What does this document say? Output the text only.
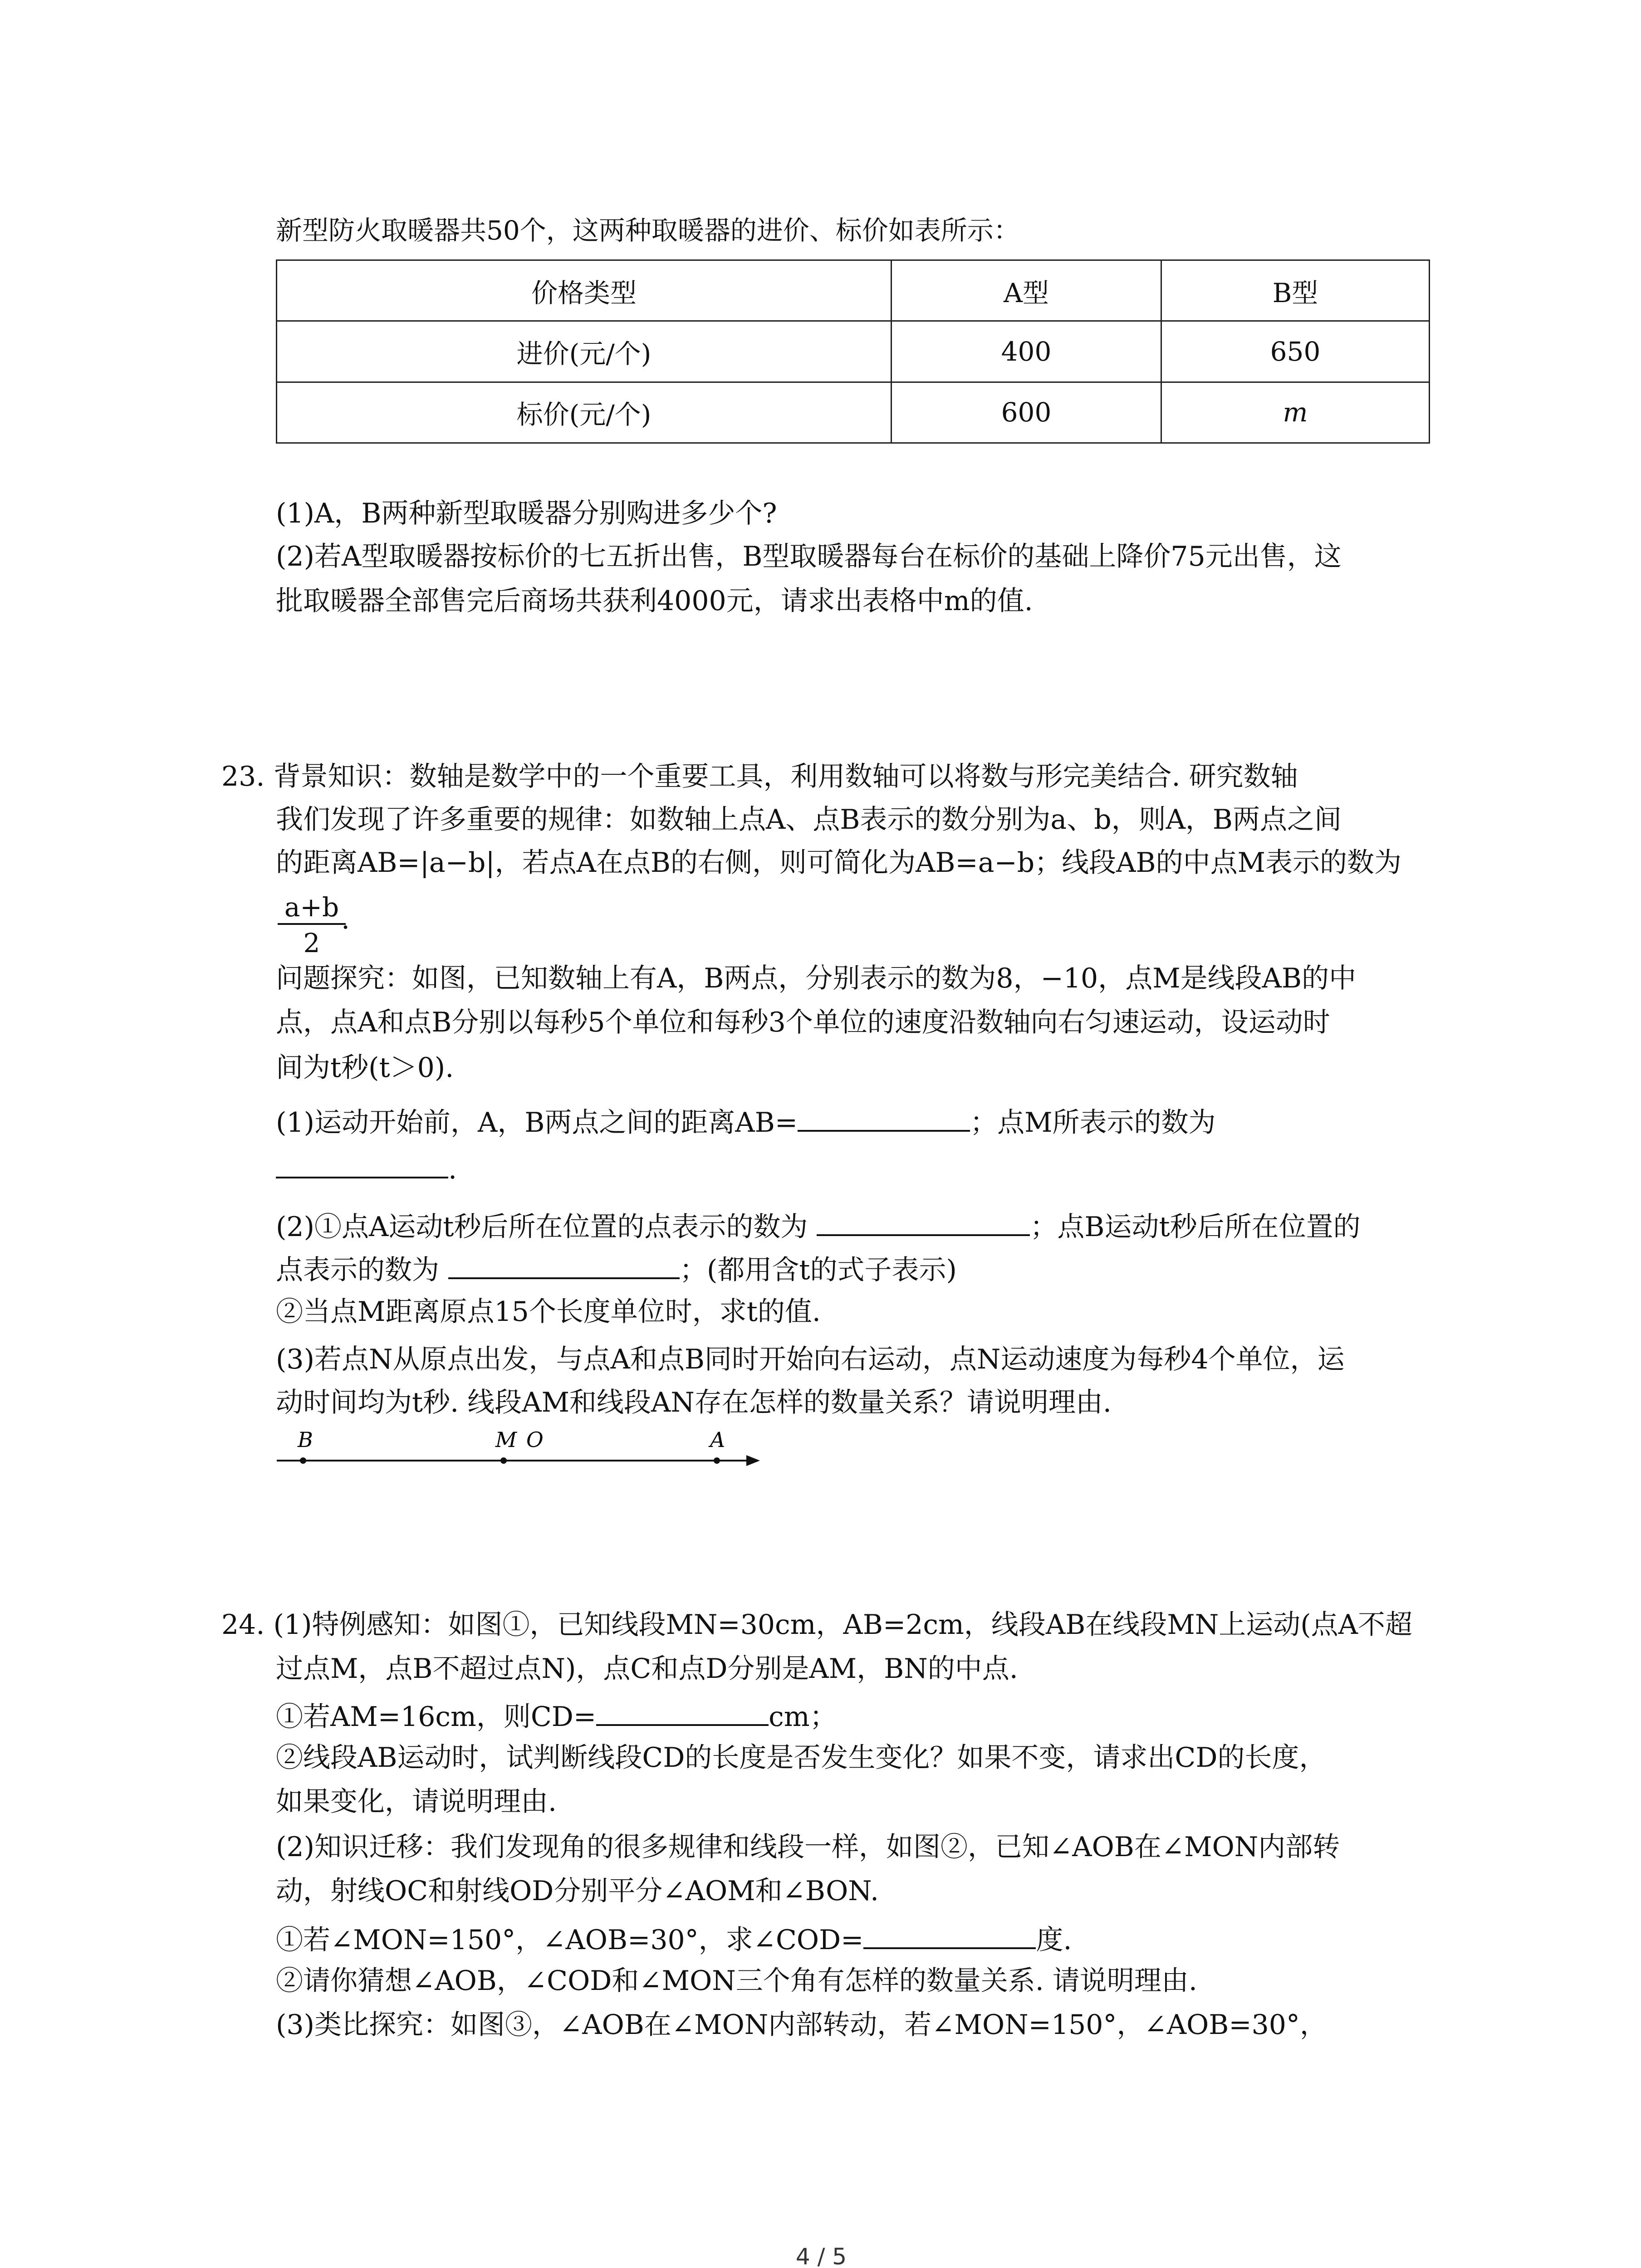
新型防火取暖器共50个，这两种取暖器的进价、标价如表所示：
价格类型	A型	B型
进价(元/个)	400	650
标价(元/个)	600	m
(1)A，B两种新型取暖器分别购进多少个?
(2)若A型取暖器按标价的七五折出售，B型取暖器每台在标价的基础上降价75元出售，这
批取暖器全部售完后商场共获利4000元，请求出表格中m的值.
23. 背景知识：数轴是数学中的一个重要工具，利用数轴可以将数与形完美结合. 研究数轴
我们发现了许多重要的规律：如数轴上点A、点B表示的数分别为a、b，则A，B两点之间
的距离AB=|a−b|，若点A在点B的右侧，则可简化为AB=a−b；线段AB的中点M表示的数为
$\frac{a+b}{2}$
.
问题探究：如图，已知数轴上有A，B两点，分别表示的数为8，−10，点M是线段AB的中
点，点A和点B分别以每秒5个单位和每秒3个单位的速度沿数轴向右匀速运动，设运动时
间为t秒(t＞0).
(1)运动开始前，A，B两点之间的距离AB=	；点M所表示的数为
.
(2)①点A运动t秒后所在位置的点表示的数为	；点B运动t秒后所在位置的
点表示的数为	；(都用含t的式子表示)
②当点M距离原点15个长度单位时，求t的值.
(3)若点N从原点出发，与点A和点B同时开始向右运动，点N运动速度为每秒4个单位，运
动时间均为t秒. 线段AM和线段AN存在怎样的数量关系？请说明理由.
B	M O	A
24. (1)特例感知：如图①，已知线段MN=30cm，AB=2cm，线段AB在线段MN上运动(点A不超
过点M，点B不超过点N)，点C和点D分别是AM，BN的中点.
①若AM=16cm，则CD=	cm；
②线段AB运动时，试判断线段CD的长度是否发生变化？如果不变，请求出CD的长度，
如果变化，请说明理由.
(2)知识迁移：我们发现角的很多规律和线段一样，如图②，已知∠AOB在∠MON内部转
动，射线OC和射线OD分别平分∠AOM和∠BON.
①若∠MON=150°，∠AOB=30°，求∠COD=	度.
②请你猜想∠AOB，∠COD和∠MON三个角有怎样的数量关系. 请说明理由.
(3)类比探究：如图③，∠AOB在∠MON内部转动，若∠MON=150°，∠AOB=30°，
4 / 5
